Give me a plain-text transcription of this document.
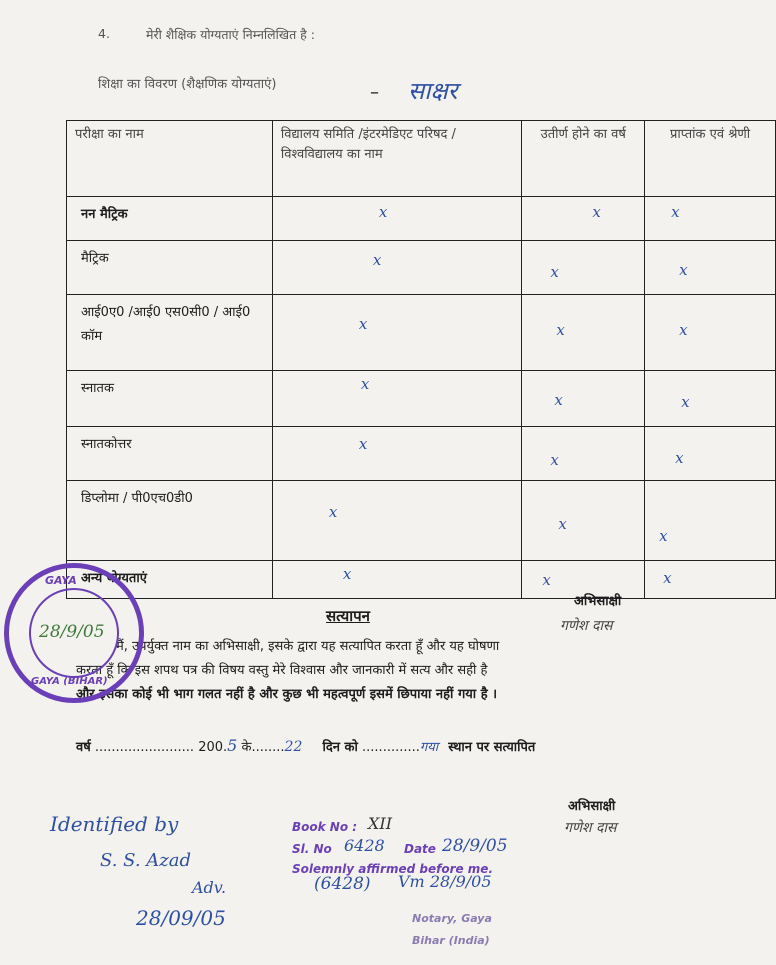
4.	मेरी शैक्षिक योग्यताएं निम्नलिखित है :
शिक्षा का विवरण (शैक्षणिक योग्यताएं)	– साक्षर
परीक्षा का नाम	विद्यालय समिति /इंटरमेडिएट परिषद / विश्वविद्यालय का नाम	उतीर्ण होने का वर्ष	प्राप्तांक एवं श्रेणी
नन मैट्रिक	x	x	x

मैट्रिक	x	x	x

आई0ए0 /आई0 एस0सी0 / आई0 कॉम	x	x	x

स्नातक	x	x	x

स्नातकोत्तर	x	x	x

डिप्लोमा / पी0एच0डी0	x	x	x

अन्य योग्यताएं	x	x	x
अभिसाक्षी
गणेश दास
सत्यापन
मैं, उपर्युक्त नाम का अभिसाक्षी, इसके द्वारा यह सत्यापित करता हूँ और यह घोषणा
करता हूँ कि इस शपथ पत्र की विषय वस्तु मेरे विश्वास और जानकारी में सत्य और सही है
और इसका कोई भी भाग गलत नहीं है और कुछ भी महत्वपूर्ण इसमें छिपाया नहीं गया है ।
वर्ष ........................ 200.5 के........22 दिन को ..............गया स्थान पर सत्यापित
अभिसाक्षी
गणेश दास
GAYA
GAYA (BIHAR)
28/9/05
Identified by
S. S. Azad
Adv.
28/09/05
Book No : XII
Sl. No 6428 Date 28/9/05
Solemnly affirmed before me.
(6428) Vm 28/9/05
Notary, Gaya
Bihar (India)
